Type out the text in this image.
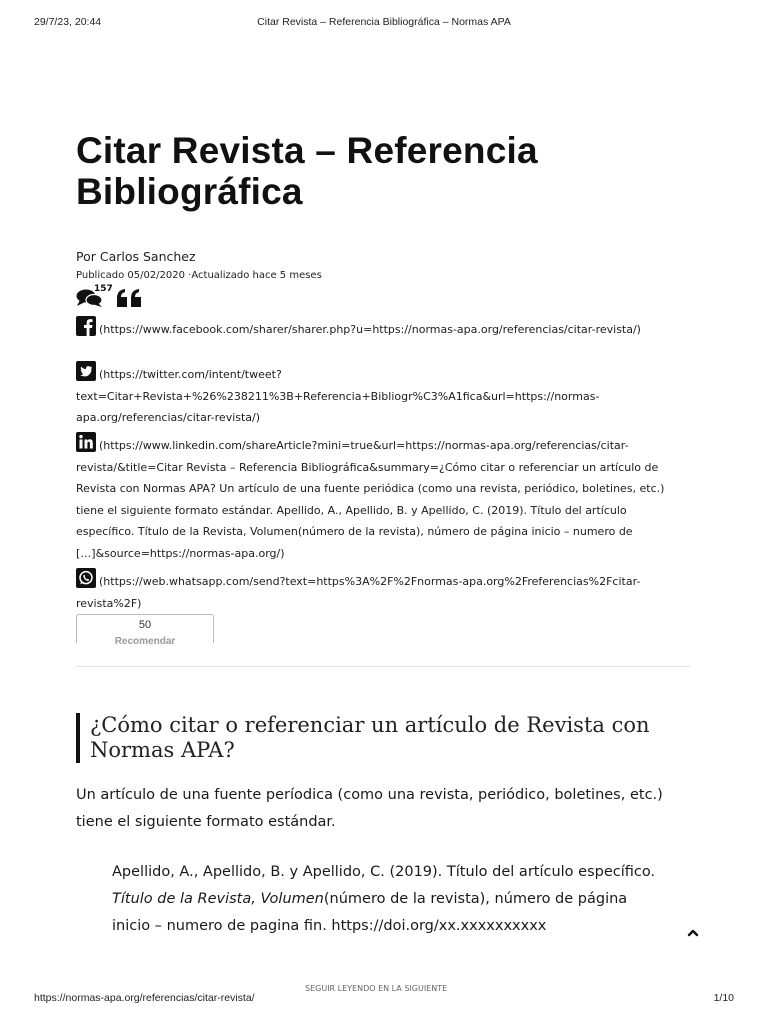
29/7/23, 20:44	Citar Revista – Referencia Bibliográfica – Normas APA
Citar Revista – Referencia Bibliográfica
Por Carlos Sanchez
Publicado 05/02/2020 ·Actualizado hace 5 meses
157
(https://www.facebook.com/sharer/sharer.php?u=https://normas-apa.org/referencias/citar-revista/)
(https://twitter.com/intent/tweet?
text=Citar+Revista+%26%238211%3B+Referencia+Bibliogr%C3%A1fica&url=https://normas-apa.org/referencias/citar-revista/)
(https://www.linkedin.com/shareArticle?mini=true&url=https://normas-apa.org/referencias/citar-revista/&title=Citar Revista – Referencia Bibliográfica&summary=¿Cómo citar o referenciar un artículo de Revista con Normas APA? Un artículo de una fuente periódica (como una revista, periódico, boletines, etc.) tiene el siguiente formato estándar. Apellido, A., Apellido, B. y Apellido, C. (2019). Título del artículo específico. Título de la Revista, Volumen(número de la revista), número de página inicio – numero de […]&source=https://normas-apa.org/)
(https://web.whatsapp.com/send?text=https%3A%2F%2Fnormas-apa.org%2Freferencias%2Fcitar-revista%2F)
50
Recomendar
¿Cómo citar o referenciar un artículo de Revista con Normas APA?

Un artículo de una fuente períodica (como una revista, periódico, boletines, etc.) tiene el siguiente formato estándar.

Apellido, A., Apellido, B. y Apellido, C. (2019). Título del artículo específico. Título de la Revista, Volumen(número de la revista), número de página inicio – numero de pagina fin. https://doi.org/xx.xxxxxxxxxx

SEGUIR LEYENDO EN LA SIGUIENTE
https://normas-apa.org/referencias/citar-revista/	1/10
